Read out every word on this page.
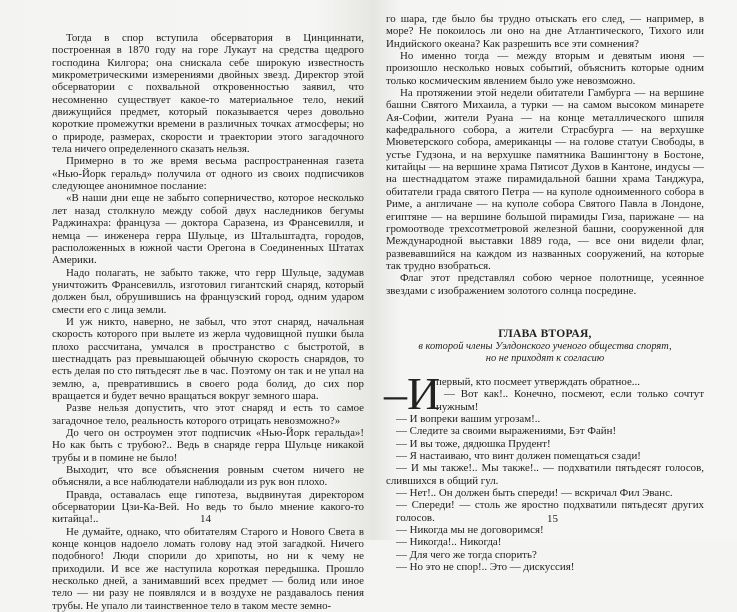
Тогда в спор вступила обсерватория в Цинциннати, построенная в 1870 году на горе Лукаут на средства щедрого господина Килгора; она снискала себе широкую известность микрометрическими измерениями двойных звезд. Директор этой обсерватории с похвальной откровенностью заявил, что несомненно существует какое-то материальное тело, некий движущийся предмет, который показывается через довольно короткие промежутки времени в различных точках атмосферы; но о природе, размерах, скорости и траектории этого загадочного тела ничего определенного сказать нельзя.

Примерно в то же время весьма распространенная газета «Нью-Йорк геральд» получила от одного из своих подписчиков следующее анонимное послание:

«В наши дни еще не забыто соперничество, которое несколько лет назад столкнуло между собой двух наследников бегумы Раджинахра: француза — доктора Саразена, из Франсевилля, и немца — инженера герра Шульце, из Штальштадта, городов, расположенных в южной части Орегона в Соединенных Штатах Америки.

Надо полагать, не забыто также, что герр Шульце, задумав уничтожить Франсевилль, изготовил гигантский снаряд, который должен был, обрушившись на французский город, одним ударом смести его с лица земли.

И уж никто, наверно, не забыл, что этот снаряд, начальная скорость которого при вылете из жерла чудовищной пушки была плохо рассчитана, умчался в пространство с быстротой, в шестнадцать раз превышающей обычную скорость снарядов, то есть делая по сто пятьдесят лье в час. Поэтому он так и не упал на землю, а, превратившись в своего рода болид, до сих пор вращается и будет вечно вращаться вокруг земного шара.

Разве нельзя допустить, что этот снаряд и есть то самое загадочное тело, реальность которого отрицать невозможно?»

До чего он остроумен этот подписчик «Нью-Йорк геральда»! Но как быть с трубою?.. Ведь в снаряде герра Шульце никакой трубы и в помине не было!

Выходит, что все объяснения ровным счетом ничего не объясняли, а все наблюдатели наблюдали из рук вон плохо.

Правда, оставалась еще гипотеза, выдвинутая директором обсерватории Цзи-Ка-Вей. Но ведь то было мнение какого-то китайца!..

Не думайте, однако, что обитателям Старого и Нового Света в конце концов надоело ломать голову над этой загадкой. Ничего подобного! Люди спорили до хрипоты, но ни к чему не приходили. И все же наступила короткая передышка. Прошло несколько дней, а занимавший всех предмет — болид или иное тело — ни разу не появлялся и в воздухе не раздавалось пения трубы. Не упало ли таинственное тело в таком месте земно-

14

го шара, где было бы трудно отыскать его след, — например, в море? Не покоилось ли оно на дне Атлантического, Тихого или Индийского океана? Как разрешить все эти сомнения?

Но именно тогда — между вторым и девятым июня — произошло несколько новых событий, объяснить которые одним только космическим явлением было уже невозможно.

На протяжении этой недели обитатели Гамбурга — на вершине башни Святого Михаила, а турки — на самом высоком минарете Ая-Софии, жители Руана — на конце металлического шпиля кафедрального собора, а жители Страсбурга — на верхушке Мюветерского собора, американцы — на голове статуи Свободы, в устье Гудзона, и на верхушке памятника Вашингтону в Бостоне, китайцы — на вершине храма Пятисот Духов в Кантоне, индусы — на шестнадцатом этаже пирамидальной башни храма Танджура, обитатели града святого Петра — на куполе одноименного собора в Риме, а англичане — на куполе собора Святого Павла в Лондоне, египтяне — на вершине большой пирамиды Гиза, парижане — на громоотводе трехсотметровой железной башни, сооруженной для Международной выставки 1889 года, — все они видели флаг, развевавшийся на каждом из названных сооружений, на которые так трудно взобраться.

Флаг этот представлял собою черное полотнище, усеянное звездами с изображением золотого солнца посредине.

ГЛАВА ВТОРАЯ,
в которой члены Уэлдонского ученого общества спорят,
но не приходят к согласию
–И

первый, кто посмеет утверждать обратное...

— Вот как!.. Конечно, посмеют, если только сочтут нужным!

— И вопреки вашим угрозам!..

— Следите за своими выражениями, Бэт Файн!

— И вы тоже, дядюшка Прудент!

— Я настаиваю, что винт должен помещаться сзади!

— И мы также!.. Мы также!.. — подхватили пятьдесят голосов, слившихся в общий гул.

— Нет!.. Он должен быть спереди! — вскричал Фил Эванс.

— Спереди! — столь же яростно подхватили пятьдесят других голосов.

— Никогда мы не договоримся!

— Никогда!.. Никогда!

— Для чего же тогда спорить?

— Но это не спор!.. Это — дискуссия!

15
